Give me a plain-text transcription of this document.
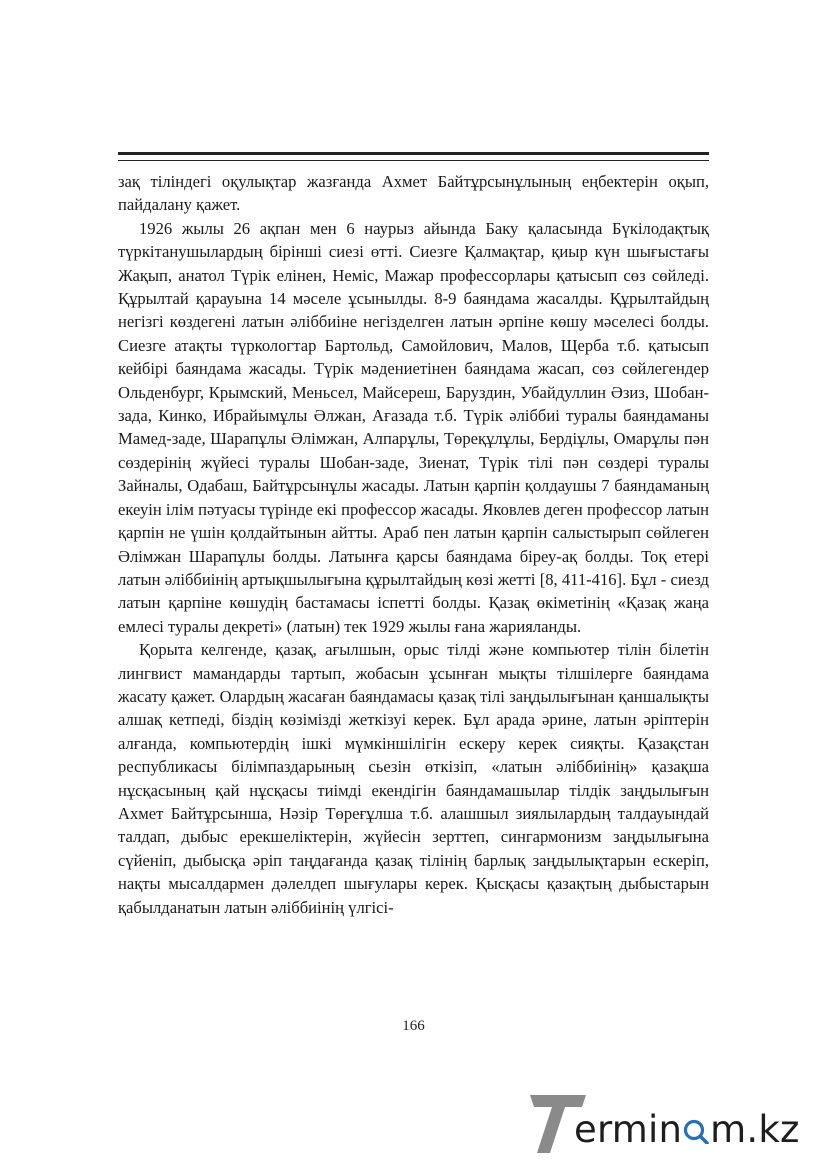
зақ тіліндегі оқулықтар жазғанда Ахмет Байтұрсынұлының еңбектерін оқып, пайдалану қажет.

1926 жылы 26 ақпан мен 6 наурыз айында Баку қаласында Бүкілодақтық түркітанушылардың бірінші сиезі өтті. Сиезге Қалмақтар, қиыр күн шығыстағы Жақып, анатол Түрік елінен, Неміс, Мажар профессорлары қатысып сөз сөйледі. Құрылтай қарауына 14 мәселе ұсынылды. 8-9 баяндама жасалды. Құрылтайдың негізгі көздегені латын әліббиіне негізделген латын әрпіне көшу мәселесі болды. Сиезге атақты түркологтар Бартольд, Самойлович, Малов, Щерба т.б. қатысып кейбірі баяндама жасады. Түрік мәдениетінен баяндама жасап, сөз сөйлегендер Ольденбург, Крымский, Меньсел, Майсереш, Баруздин, Убайдуллин Әзиз, Шобан-зада, Кинко, Ибрайымұлы Әлжан, Ағазада т.б. Түрік әліббиі туралы баяндаманы Мамед-заде, Шарапұлы Әлімжан, Алпарұлы, Төреқұлұлы, Бердіұлы, Омарұлы пән сөздерінің жүйесі туралы Шобан-заде, Зиенат, Түрік тілі пән сөздері туралы Зайналы, Одабаш, Байтұрсынұлы жасады. Латын қарпін қолдаушы 7 баяндаманың екеуін ілім пәтуасы түрінде екі профессор жасады. Яковлев деген профессор латын қарпін не үшін қолдайтынын айтты. Араб пен латын қарпін салыстырып сөйлеген Әлімжан Шарапұлы болды. Латынға қарсы баяндама біреу-ақ болды. Тоқ етері латын әліббиінің артықшылығына құрылтайдың көзі жетті [8, 411-416]. Бұл - сиезд латын қарпіне көшудің бастамасы іспетті болды. Қазақ өкіметінің «Қазақ жаңа емлесі туралы декреті» (латын) тек 1929 жылы ғана жарияланды.

Қорыта келгенде, қазақ, ағылшын, орыс тілді және компьютер тілін білетін лингвист мамандарды тартып, жобасын ұсынған мықты тілшілерге баяндама жасату қажет. Олардың жасаған баяндамасы қазақ тілі заңдылығынан қаншалықты алшақ кетпеді, біздің көзімізді жеткізуі керек. Бұл арада әрине, латын әріптерін алғанда, компьютердің ішкі мүмкіншілігін ескеру керек сияқты. Қазақстан республикасы білімпаздарының сьезін өткізіп, «латын әліббиінің» қазақша нұсқасының қай нұсқасы тиімді екендігін баяндамашылар тілдік заңдылығын Ахмет Байтұрсынша, Нәзір Төреғұлша т.б. алашшыл зиялылардың талдауындай талдап, дыбыс ерекшеліктерін, жүйесін зерттеп, сингармонизм заңдылығына сүйеніп, дыбысқа әріп таңдағанда қазақ тілінің барлық заңдылықтарын ескеріп, нақты мысалдармен дәлелдеп шығулары керек. Қысқасы қазақтың дыбыстарын қабылданатын латын әліббиінің үлгісі-

166
ermin m.kz
